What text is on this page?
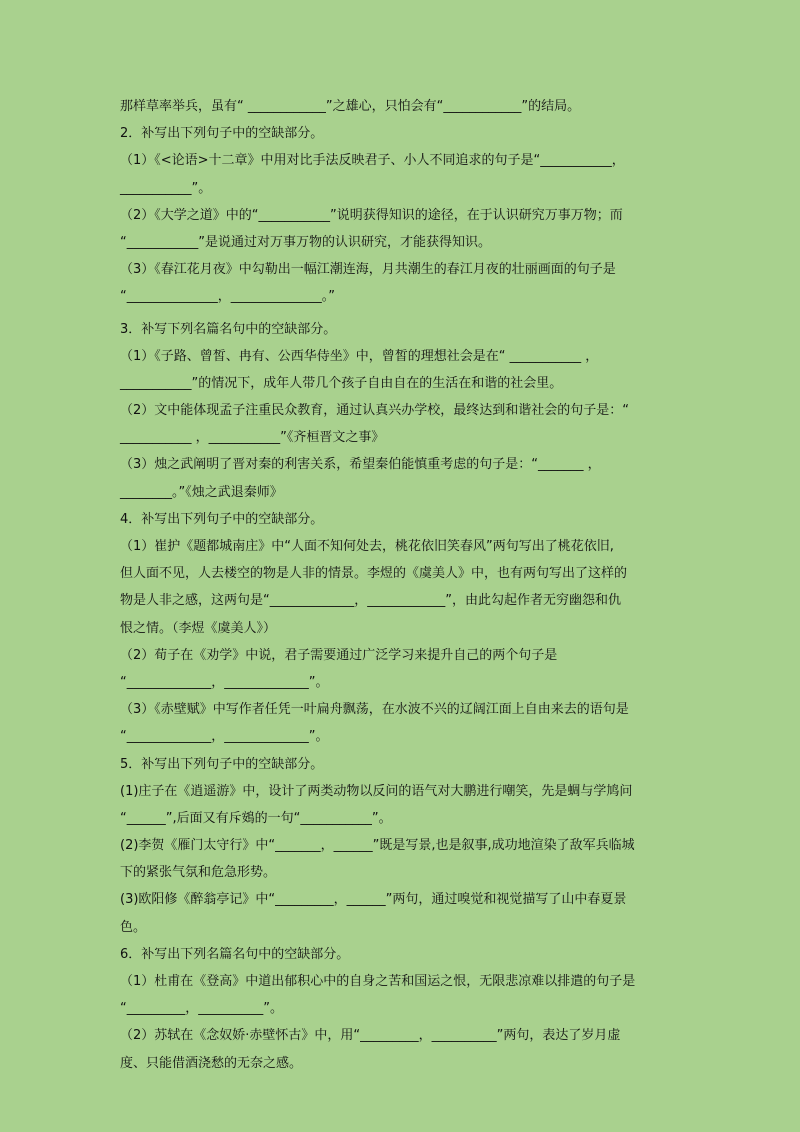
那样草率举兵，虽有“ ____________”之雄心，只怕会有“____________”的结局。
2．补写出下列句子中的空缺部分。
（1）《<论语>十二章》中用对比手法反映君子、小人不同追求的句子是“___________，
___________”。
（2）《大学之道》中的“___________”说明获得知识的途径，在于认识研究万事万物；而
“___________”是说通过对万事万物的认识研究，才能获得知识。
（3）《春江花月夜》中勾勒出一幅江潮连海，月共潮生的春江月夜的壮丽画面的句子是
“______________，______________。”
3．补写下列名篇名句中的空缺部分。
（1）《子路、曾皙、冉有、公西华侍坐》中，曾皙的理想社会是在“ ___________ ，
___________”的情况下，成年人带几个孩子自由自在的生活在和谐的社会里。
（2）文中能体现孟子注重民众教育，通过认真兴办学校，最终达到和谐社会的句子是：“
___________ ，___________”《齐桓晋文之事》
（3）烛之武阐明了晋对秦的利害关系，希望秦伯能慎重考虑的句子是：“_______ ，
________。”《烛之武退秦师》
4．补写出下列句子中的空缺部分。
（1）崔护《题都城南庄》中“人面不知何处去，桃花依旧笑春风”两句写出了桃花依旧,
但人面不见，人去楼空的物是人非的情景。李煜的《虞美人》中，也有两句写出了这样的
物是人非之感，这两句是“_____________，____________”，由此勾起作者无穷幽怨和仇
恨之情。（李煜《虞美人》）
（2）荀子在《劝学》中说，君子需要通过广泛学习来提升自己的两个句子是
“_____________，_____________”。
（3）《赤壁赋》中写作者任凭一叶扁舟飘荡，在水波不兴的辽阔江面上自由来去的语句是
“_____________，_____________”。
5．补写出下列句子中的空缺部分。
(1)庄子在《逍遥游》中，设计了两类动物以反问的语气对大鹏进行嘲笑，先是蜩与学鸠问
“______”,后面又有斥鴳的一句“___________”。
(2)李贺《雁门太守行》中“_______，______”既是写景,也是叙事,成功地渲染了敌军兵临城
下的紧张气氛和危急形势。
(3)欧阳修《醉翁亭记》中“_________，______”两句，通过嗅觉和视觉描写了山中春夏景
色。
6．补写出下列名篇名句中的空缺部分。
（1）杜甫在《登高》中道出郁积心中的自身之苦和国运之恨，无限悲凉难以排遣的句子是
“_________，__________”。
（2）苏轼在《念奴娇·赤壁怀古》中，用“_________，__________”两句，表达了岁月虚
度、只能借酒浇愁的无奈之感。
